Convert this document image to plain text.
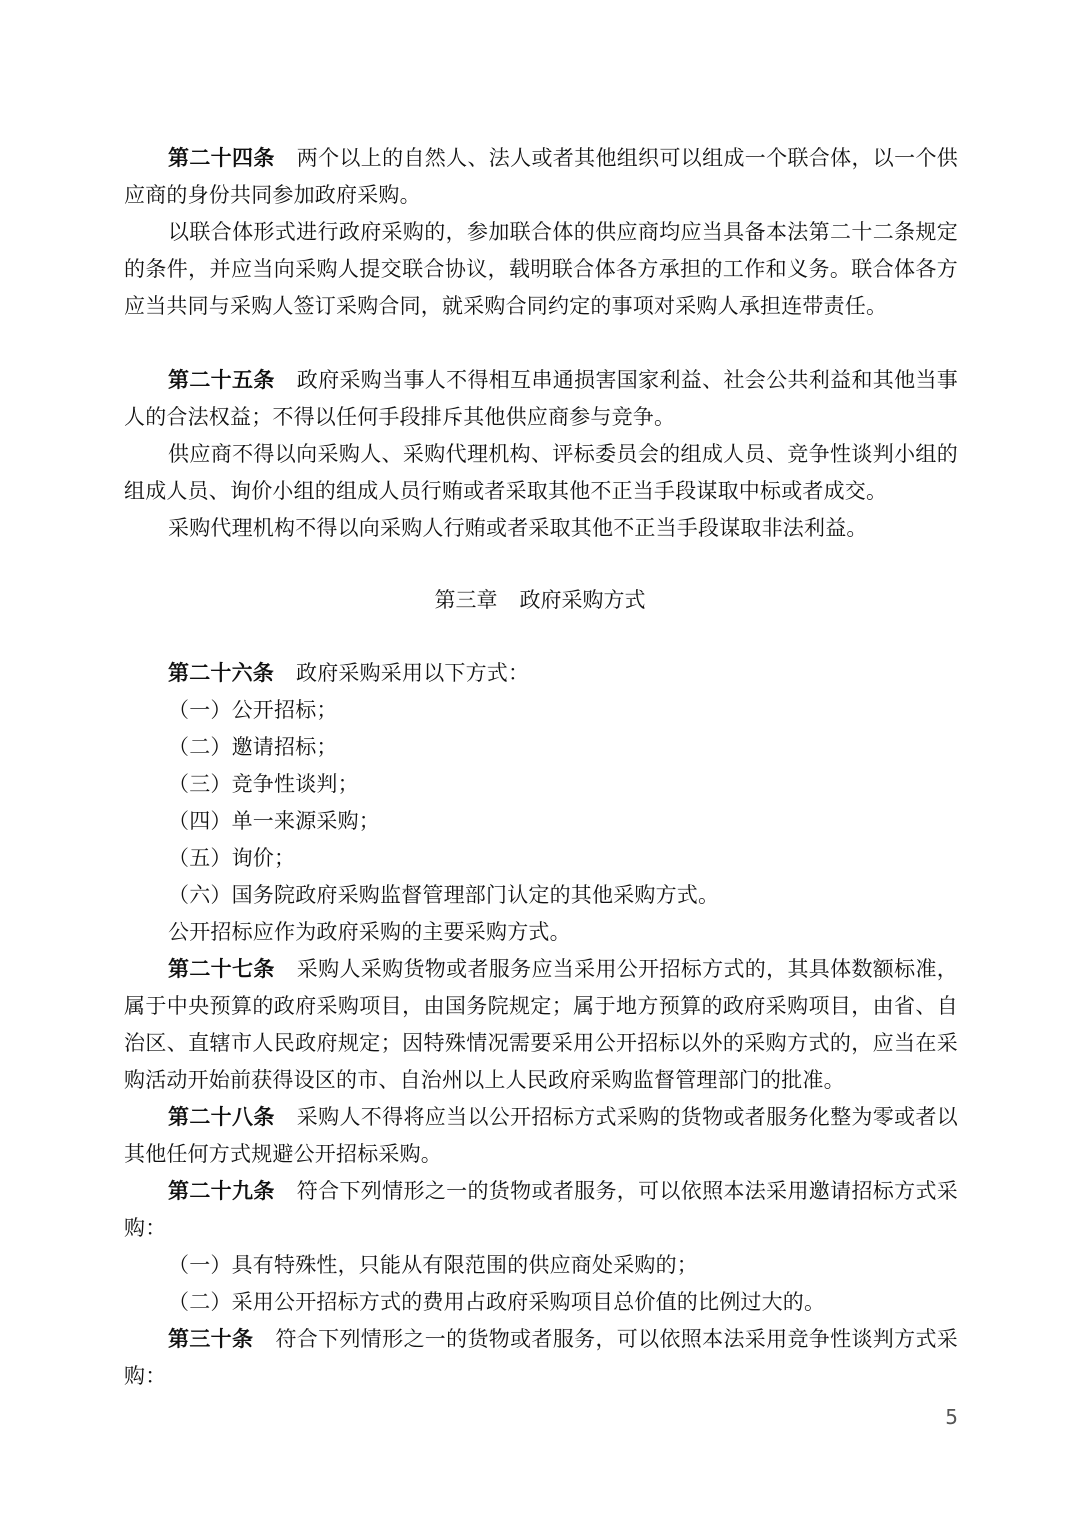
第二十四条 两个以上的自然人、法人或者其他组织可以组成一个联合体，以一个供应商的身份共同参加政府采购。

以联合体形式进行政府采购的，参加联合体的供应商均应当具备本法第二十二条规定的条件，并应当向采购人提交联合协议，载明联合体各方承担的工作和义务。联合体各方应当共同与采购人签订采购合同，就采购合同约定的事项对采购人承担连带责任。

第二十五条 政府采购当事人不得相互串通损害国家利益、社会公共利益和其他当事人的合法权益；不得以任何手段排斥其他供应商参与竞争。

供应商不得以向采购人、采购代理机构、评标委员会的组成人员、竞争性谈判小组的组成人员、询价小组的组成人员行贿或者采取其他不正当手段谋取中标或者成交。

采购代理机构不得以向采购人行贿或者采取其他不正当手段谋取非法利益。

第三章 政府采购方式

第二十六条 政府采购采用以下方式：

（一）公开招标；

（二）邀请招标；

（三）竞争性谈判；

（四）单一来源采购；

（五）询价；

（六）国务院政府采购监督管理部门认定的其他采购方式。

公开招标应作为政府采购的主要采购方式。

第二十七条 采购人采购货物或者服务应当采用公开招标方式的，其具体数额标准，属于中央预算的政府采购项目，由国务院规定；属于地方预算的政府采购项目，由省、自治区、直辖市人民政府规定；因特殊情况需要采用公开招标以外的采购方式的，应当在采购活动开始前获得设区的市、自治州以上人民政府采购监督管理部门的批准。

第二十八条 采购人不得将应当以公开招标方式采购的货物或者服务化整为零或者以其他任何方式规避公开招标采购。

第二十九条 符合下列情形之一的货物或者服务，可以依照本法采用邀请招标方式采购：

（一）具有特殊性，只能从有限范围的供应商处采购的；

（二）采用公开招标方式的费用占政府采购项目总价值的比例过大的。

第三十条 符合下列情形之一的货物或者服务，可以依照本法采用竞争性谈判方式采购：

5
